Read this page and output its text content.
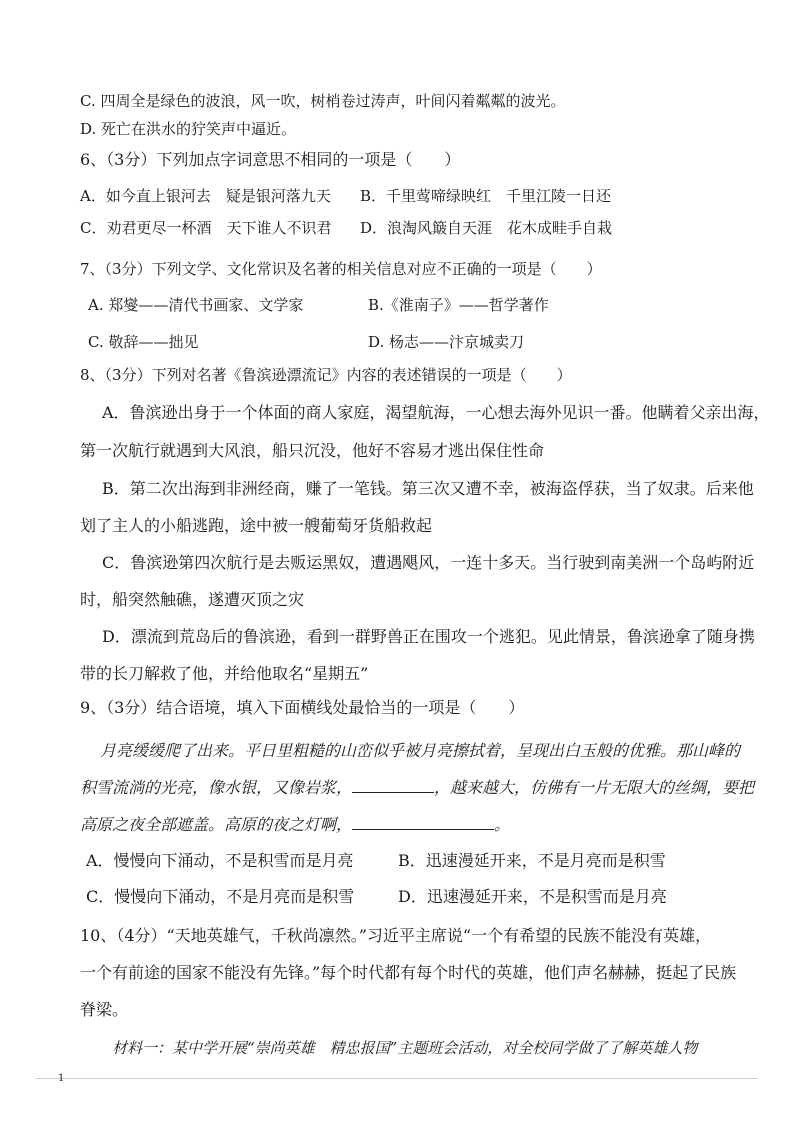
C. 四周全是绿色的波浪，风一吹，树梢卷过涛声，叶间闪着粼粼的波光。
D. 死亡在洪水的狞笑声中逼近。
6、（3分）下列加点字词意思不相同的一项是（　　）
A．如今直上银河去　疑是银河落九天 B．千里莺啼绿映红　千里江陵一日还
C．劝君更尽一杯酒　天下谁人不识君 D．浪淘风簸自天涯　花木成畦手自栽
7、（3分）下列文学、文化常识及名著的相关信息对应不正确的一项是（　　）
A. 郑燮——清代书画家、文学家	B.《淮南子》——哲学著作
C. 敬辞——拙见	D. 杨志——汴京城卖刀
8、（3分）下列对名著《鲁滨逊漂流记》内容的表述错误的一项是（　　）
A．鲁滨逊出身于一个体面的商人家庭，渴望航海，一心想去海外见识一番。他瞒着父亲出海，
第一次航行就遇到大风浪，船只沉没，他好不容易才逃出保住性命
B．第二次出海到非洲经商，赚了一笔钱。第三次又遭不幸，被海盗俘获，当了奴隶。后来他
划了主人的小船逃跑，途中被一艘葡萄牙货船救起
C．鲁滨逊第四次航行是去贩运黑奴，遭遇飓风，一连十多天。当行驶到南美洲一个岛屿附近
时，船突然触礁，遂遭灭顶之灾
D．漂流到荒岛后的鲁滨逊，看到一群野兽正在围攻一个逃犯。见此情景，鲁滨逊拿了随身携
带的长刀解救了他，并给他取名“星期五”
9、（3分）结合语境，填入下面横线处最恰当的一项是（　　）
月亮缓缓爬了出来。平日里粗糙的山峦似乎被月亮擦拭着，呈现出白玉般的优雅。那山峰的
积雪流淌的光亮，像水银，又像岩浆，	，越来越大，仿佛有一片无限大的丝绸，要把
高原之夜全部遮盖。高原的夜之灯啊，	。
A．慢慢向下涌动，不是积雪而是月亮	B．迅速漫延开来，不是月亮而是积雪
C．慢慢向下涌动，不是月亮而是积雪	D．迅速漫延开来，不是积雪而是月亮
10、（4分）“天地英雄气，千秋尚凛然。”习近平主席说“一个有希望的民族不能没有英雄，
一个有前途的国家不能没有先锋。”每个时代都有每个时代的英雄，他们声名赫赫，挺起了民族
脊梁。
材料一：某中学开展“崇尚英雄　精忠报国”主题班会活动，对全校同学做了了解英雄人物
1
